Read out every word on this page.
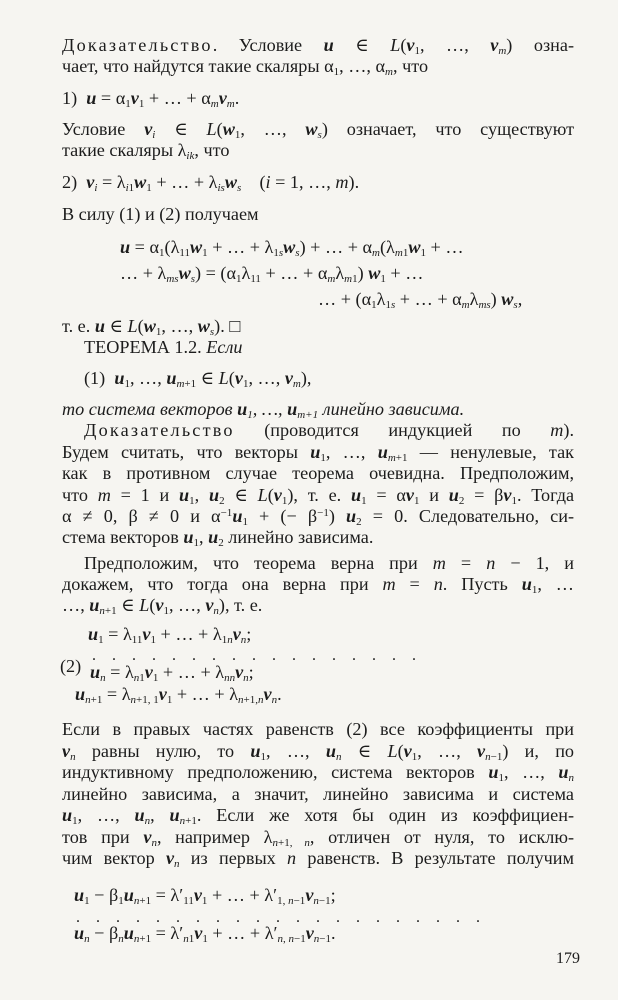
Доказательство. Условие u ∈ $L(v_1$, …, $v_m$) озна-
чает, что найдутся такие скаляры $\alpha_1$, …, $\alpha_m$, что
1)  $u = \alpha_1v_1$ + … + $\alpha_mv_m$.
Условие $v_i$ ∈ $L(w_1$, …, $w_s$) означает, что существуют
такие скаляры $\lambda_{ik}$, что
2)  $v_i = \lambda_{i1}w_1$ + … + $\lambda_{is}w_s$    (i = 1, …, m).
В силу (1) и (2) получаем
$u = \alpha_1(\lambda_{11}w_1$ + … + $\lambda_{1s}w_s$) + … + $\alpha_m(\lambda_{m1}w_1$ + …
… + $\lambda_{ms}w_s) = (\alpha_1\lambda_{11}$ + … + $\alpha_m\lambda_{m1}$) $w_1$ + …
… + ($\alpha_1\lambda_{1s}$ + … + $\alpha_m\lambda_{ms}$) $w_s$,
т. е. u ∈ $L(w_1$, …, $w_s$). □
ТЕОРЕМА 1.2. Если
(1)  $u_1$, …, $u_{m+1}$ ∈ $L(v_1$, …, $v_m$),
то система векторов $u_1$, …, $u_{m+1}$ линейно зависима.
Доказательство (проводится индукцией по m).
Будем считать, что векторы $u_1$, …, $u_{m+1}$ — ненулевые, так
как в противном случае теорема очевидна. Предположим,
что m = 1 и $u_1$, $u_2$ ∈ $L(v_1)$, т. е. $u_1 = \alpha v_1$ и $u_2 = \beta v_1$. Тогда
α ≠ 0, β ≠ 0 и $\alpha^{-1}u_1$ + (− $\beta^{-1}$) $u_2 = 0$. Следовательно, си-
стема векторов $u_1$, $u_2$ линейно зависима.
Предположим, что теорема верна при m = n − 1, и
докажем, что тогда она верна при m = n. Пусть $u_1$, …
…, $u_{n+1}$ ∈ $L(v_1$, …, $v_n$), т. е.
$u_1 = \lambda_{11}v_1$ + … + $\lambda_{1n}v_n$;
. . . . . . . . . . . . . . . . .
(2) $u_n = \lambda_{n1}v_1$ + … + $\lambda_{nn}v_n$;
$u_{n+1} = \lambda_{n+1, 1}v_1$ + … + $\lambda_{n+1,n}v_n$.
Если в правых частях равенств (2) все коэффициенты при
$v_n$ равны нулю, то $u_1$, …, $u_n$ ∈ $L(v_1$, …, $v_{n-1}$) и, по
индуктивному предположению, система векторов $u_1$, …, $u_n$
линейно зависима, а значит, линейно зависима и система
$u_1$, …, $u_n$, $u_{n+1}$. Если же хотя бы один из коэффициен-
тов при $v_n$, например $\lambda_{n+1, n}$, отличен от нуля, то исклю-
чим вектор $v_n$ из первых n равенств. В результате получим
$u_1 - \beta_1u_{n+1} = \lambda'_{11}v_1$ + … + $\lambda'_{1, n-1}v_{n-1}$;
. . . . . . . . . . . . . . . . . . . . .
$u_n - \beta_nu_{n+1} = \lambda'_{n1}v_1$ + … + $\lambda'_{n, n-1}v_{n-1}$.
179
